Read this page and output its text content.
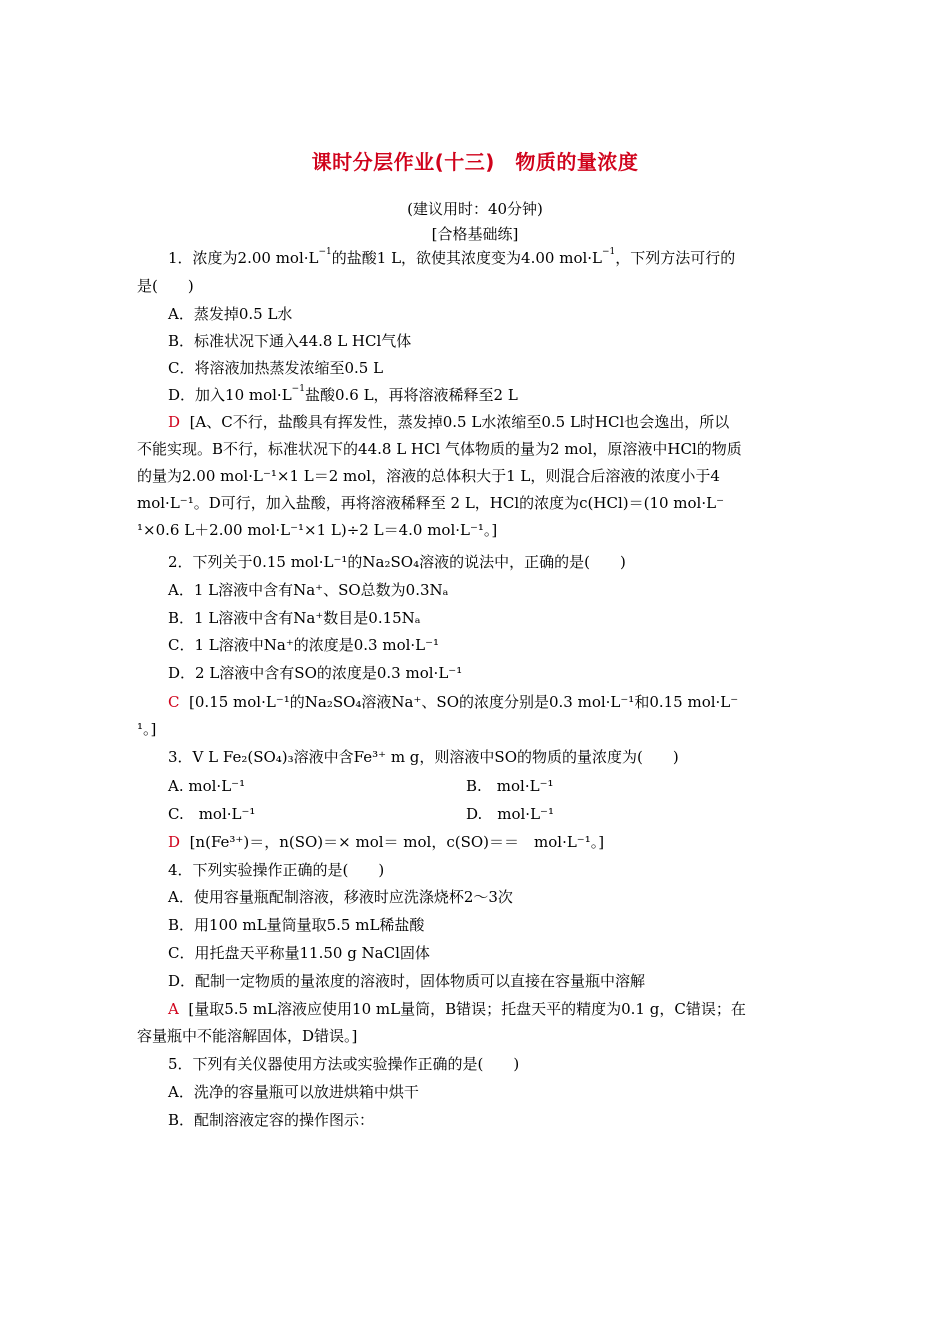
课时分层作业(十三)　物质的量浓度
(建议用时：40分钟)
[合格基础练]
1．浓度为2.00 $mol\cdot L^{-1}$的盐酸1 L，欲使其浓度变为4.00 $mol\cdot L^{-1}$，下列方法可行的
是(　　)
A．蒸发掉0.5 L水
B．标准状况下通入44.8 L HCl气体
C．将溶液加热蒸发浓缩至0.5 L
D．加入10 $mol\cdot L^{-1}$盐酸0.6 L，再将溶液稀释至2 L
D [A、C不行，盐酸具有挥发性，蒸发掉0.5 L水浓缩至0.5 L时HCl也会逸出，所以
不能实现。B不行，标准状况下的44.8 L HCl 气体物质的量为2 mol，原溶液中HCl的物质
的量为2.00 mol·L⁻¹×1 L＝2 mol，溶液的总体积大于1 L，则混合后溶液的浓度小于4
mol·L⁻¹。D可行，加入盐酸，再将溶液稀释至 2 L，HCl的浓度为c(HCl)＝(10 mol·L⁻
¹×0.6 L＋2.00 mol·L⁻¹×1 L)÷2 L＝4.0 mol·L⁻¹。]
2．下列关于0.15 mol·L⁻¹的Na₂SO₄溶液的说法中，正确的是(　　)
A．1 L溶液中含有Na⁺、SO总数为0.3Nₐ
B．1 L溶液中含有Na⁺数目是0.15Nₐ
C．1 L溶液中Na⁺的浓度是0.3 mol·L⁻¹
D．2 L溶液中含有SO的浓度是0.3 mol·L⁻¹
C [0.15 mol·L⁻¹的Na₂SO₄溶液Na⁺、SO的浓度分别是0.3 mol·L⁻¹和0.15 mol·L⁻
¹。]
3．V L Fe₂(SO₄)₃溶液中含Fe³⁺ m g，则溶液中SO的物质的量浓度为(　　)
A. mol·L⁻¹	B.　mol·L⁻¹
C.　mol·L⁻¹	D.　mol·L⁻¹
D [n(Fe³⁺)＝，n(SO)＝× mol＝ mol，c(SO)＝＝　mol·L⁻¹。]
4．下列实验操作正确的是(　　)
A．使用容量瓶配制溶液，移液时应洗涤烧杯2～3次
B．用100 mL量筒量取5.5 mL稀盐酸
C．用托盘天平称量11.50 g NaCl固体
D．配制一定物质的量浓度的溶液时，固体物质可以直接在容量瓶中溶解
A [量取5.5 mL溶液应使用10 mL量筒，B错误；托盘天平的精度为0.1 g，C错误；在
容量瓶中不能溶解固体，D错误。]
5．下列有关仪器使用方法或实验操作正确的是(　　)
A．洗净的容量瓶可以放进烘箱中烘干
B．配制溶液定容的操作图示：
